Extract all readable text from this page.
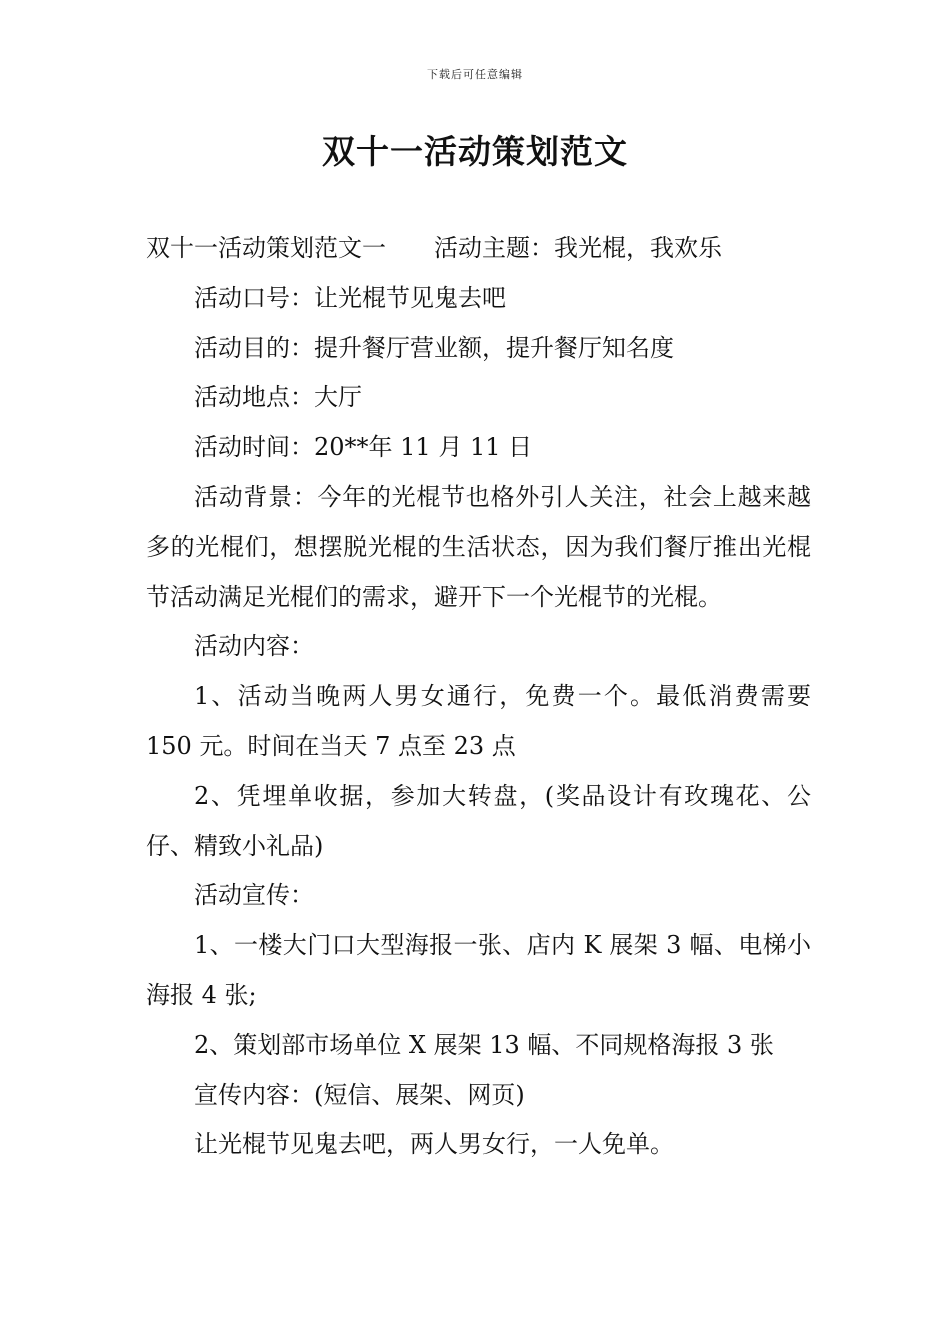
下载后可任意编辑
双十一活动策划范文

双十一活动策划范文一 活动主题：我光棍，我欢乐

活动口号：让光棍节见鬼去吧

活动目的：提升餐厅营业额，提升餐厅知名度

活动地点：大厅

活动时间：20**年 11 月 11 日

活动背景：今年的光棍节也格外引人关注，社会上越来越多的光棍们，想摆脱光棍的生活状态，因为我们餐厅推出光棍节活动满足光棍们的需求，避开下一个光棍节的光棍。

活动内容：

1、活动当晚两人男女通行，免费一个。最低消费需要 150 元。时间在当天 7 点至 23 点

2、凭埋单收据，参加大转盘，(奖品设计有玫瑰花、公仔、精致小礼品)

活动宣传：

1、一楼大门口大型海报一张、店内 K 展架 3 幅、电梯小海报 4 张;

2、策划部市场单位 X 展架 13 幅、不同规格海报 3 张

宣传内容：(短信、展架、网页)

让光棍节见鬼去吧，两人男女行，一人免单。
